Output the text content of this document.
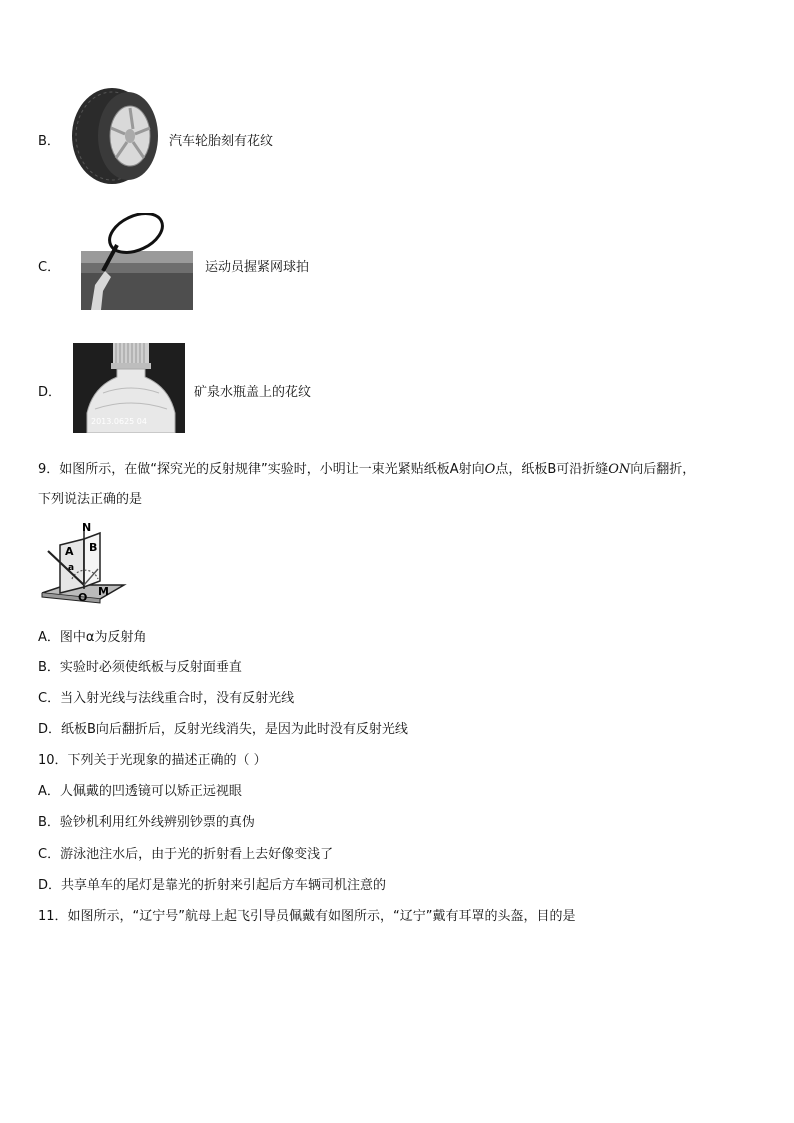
B．	汽车轮胎刻有花纹
C．	运动员握紧网球拍
D．
2013.0625 04
矿泉水瓶盖上的花纹
9．如图所示，在做“探究光的反射规律”实验时，小明让一束光紧贴纸板A射向O点，纸板B可沿折缝ON向后翻折，
下列说法正确的是
N
A B
a
O M
A．图中α为反射角
B．实验时必须使纸板与反射面垂直
C．当入射光线与法线重合时，没有反射光线
D．纸板B向后翻折后，反射光线消失，是因为此时没有反射光线
10．下列关于光现象的描述正确的（ ）
A．人佩戴的凹透镜可以矫正远视眼
B．验钞机利用红外线辨别钞票的真伪
C．游泳池注水后，由于光的折射看上去好像变浅了
D．共享单车的尾灯是靠光的折射来引起后方车辆司机注意的
11．如图所示，“辽宁号”航母上起飞引导员佩戴有如图所示，“辽宁”戴有耳罩的头盔，目的是
